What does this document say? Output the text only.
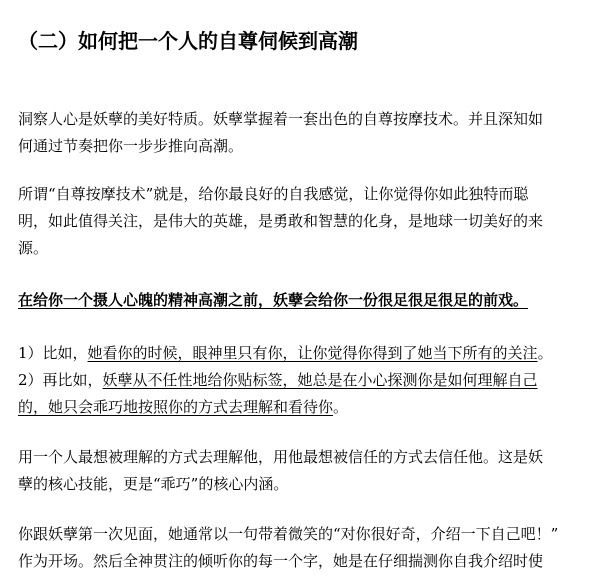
（二）如何把一个人的自尊伺候到高潮
洞察人心是妖孽的美好特质。妖孽掌握着一套出色的自尊按摩技术。并且深知如
何通过节奏把你一步步推向高潮。
所谓“自尊按摩技术”就是，给你最良好的自我感觉，让你觉得你如此独特而聪
明，如此值得关注，是伟大的英雄，是勇敢和智慧的化身，是地球一切美好的来
源。
在给你一个摄人心魄的精神高潮之前，妖孽会给你一份很足很足很足的前戏。
1）比如，她看你的时候，眼神里只有你，让你觉得你得到了她当下所有的关注。
2）再比如，妖孽从不任性地给你贴标签，她总是在小心探测你是如何理解自己
的，她只会乖巧地按照你的方式去理解和看待你。
用一个人最想被理解的方式去理解他，用他最想被信任的方式去信任他。这是妖
孽的核心技能，更是“乖巧”的核心内涵。
你跟妖孽第一次见面，她通常以一句带着微笑的“对你很好奇，介绍一下自己吧！”
作为开场。然后全神贯注的倾听你的每一个字，她是在仔细揣测你自我介绍时使
